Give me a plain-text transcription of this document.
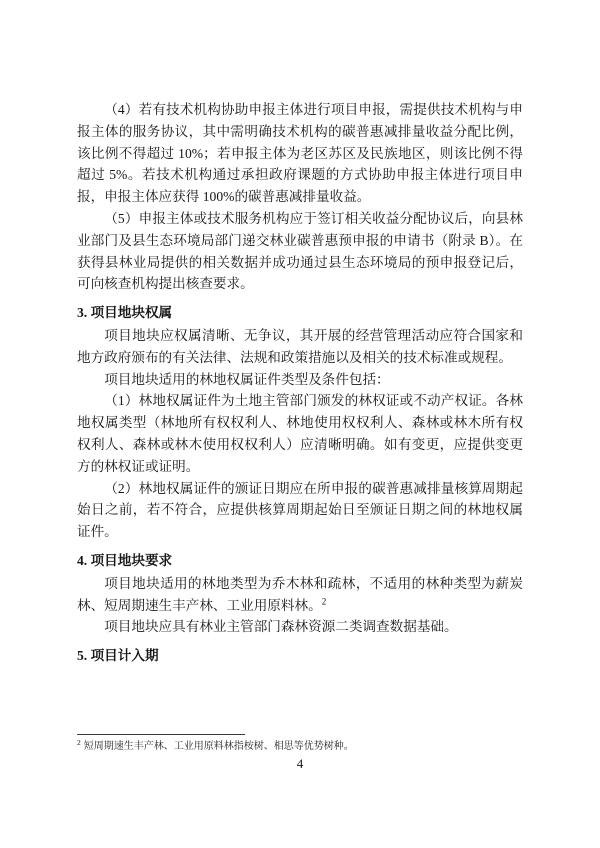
（4）若有技术机构协助申报主体进行项目申报，需提供技术机构与申报主体的服务协议，其中需明确技术机构的碳普惠减排量收益分配比例，该比例不得超过 10%；若申报主体为老区苏区及民族地区，则该比例不得超过 5%。若技术机构通过承担政府课题的方式协助申报主体进行项目申报，申报主体应获得 100%的碳普惠减排量收益。

（5）申报主体或技术服务机构应于签订相关收益分配协议后，向县林业部门及县生态环境局部门递交林业碳普惠预申报的申请书（附录 B）。在获得县林业局提供的相关数据并成功通过县生态环境局的预申报登记后，可向核查机构提出核查要求。

3. 项目地块权属

项目地块应权属清晰、无争议，其开展的经营管理活动应符合国家和地方政府颁布的有关法律、法规和政策措施以及相关的技术标准或规程。

项目地块适用的林地权属证件类型及条件包括：

（1）林地权属证件为土地主管部门颁发的林权证或不动产权证。各林地权属类型（林地所有权权利人、林地使用权权利人、森林或林木所有权权利人、森林或林木使用权权利人）应清晰明确。如有变更，应提供变更方的林权证或证明。

（2）林地权属证件的颁证日期应在所申报的碳普惠减排量核算周期起始日之前，若不符合，应提供核算周期起始日至颁证日期之间的林地权属证件。

4. 项目地块要求

项目地块适用的林地类型为乔木林和疏林，不适用的林种类型为薪炭林、短周期速生丰产林、工业用原料林。$^2$

项目地块应具有林业主管部门森林资源二类调查数据基础。

5. 项目计入期

$^2$ 短周期速生丰产林、工业用原料林指桉树、相思等优势树种。

4
